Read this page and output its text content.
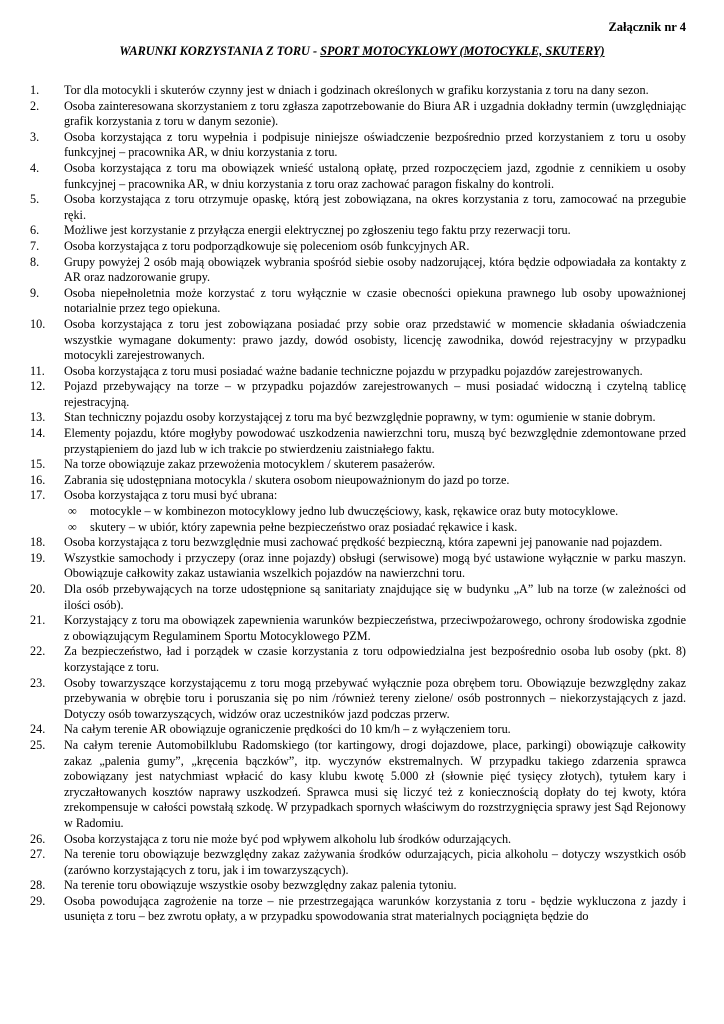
Załącznik nr 4
WARUNKI KORZYSTANIA Z TORU - SPORT MOTOCYKLOWY (MOTOCYKLE, SKUTERY)
1. Tor dla motocykli i skuterów czynny jest w dniach i godzinach określonych w grafiku korzystania z toru na dany sezon.
2. Osoba zainteresowana skorzystaniem z toru zgłasza zapotrzebowanie do Biura AR i uzgadnia dokładny termin (uwzględniając grafik korzystania z toru w danym sezonie).
3. Osoba korzystająca z toru wypełnia i podpisuje niniejsze oświadczenie bezpośrednio przed korzystaniem z toru u osoby funkcyjnej – pracownika AR, w dniu korzystania z toru.
4. Osoba korzystająca z toru ma obowiązek wnieść ustaloną opłatę, przed rozpoczęciem jazd, zgodnie z cennikiem u osoby funkcyjnej – pracownika AR, w dniu korzystania z toru oraz zachować paragon fiskalny do kontroli.
5. Osoba korzystająca z toru otrzymuje opaskę, którą jest zobowiązana, na okres korzystania z toru, zamocować na przegubie ręki.
6. Możliwe jest korzystanie z przyłącza energii elektrycznej po zgłoszeniu tego faktu przy rezerwacji toru.
7. Osoba korzystająca z toru podporządkowuje się poleceniom osób funkcyjnych AR.
8. Grupy powyżej 2 osób mają obowiązek wybrania spośród siebie osoby nadzorującej, która będzie odpowiadała za kontakty z AR oraz nadzorowanie grupy.
9. Osoba niepełnoletnia może korzystać z toru wyłącznie w czasie obecności opiekuna prawnego lub osoby upoważnionej notarialnie przez tego opiekuna.
10. Osoba korzystająca z toru jest zobowiązana posiadać przy sobie oraz przedstawić w momencie składania oświadczenia wszystkie wymagane dokumenty: prawo jazdy, dowód osobisty, licencję zawodnika, dowód rejestracyjny w przypadku motocykli zarejestrowanych.
11. Osoba korzystająca z toru musi posiadać ważne badanie techniczne pojazdu w przypadku pojazdów zarejestrowanych.
12. Pojazd przebywający na torze – w przypadku pojazdów zarejestrowanych – musi posiadać widoczną i czytelną tablicę rejestracyjną.
13. Stan techniczny pojazdu osoby korzystającej z toru ma być bezwzględnie poprawny, w tym: ogumienie w stanie dobrym.
14. Elementy pojazdu, które mogłyby powodować uszkodzenia nawierzchni toru, muszą być bezwzględnie zdemontowane przed przystąpieniem do jazd lub w ich trakcie po stwierdzeniu zaistniałego faktu.
15. Na torze obowiązuje zakaz przewożenia motocyklem / skuterem pasażerów.
16. Zabrania się udostępniana motocykla / skutera osobom nieupoważnionym do jazd po torze.
17. Osoba korzystająca z toru musi być ubrana:
∞ motocykle – w kombinezon motocyklowy jedno lub dwuczęściowy, kask, rękawice oraz buty motocyklowe.
∞ skutery – w ubiór, który zapewnia pełne bezpieczeństwo oraz posiadać rękawice i kask.
18. Osoba korzystająca z toru bezwzględnie musi zachować prędkość bezpieczną, która zapewni jej panowanie nad pojazdem.
19. Wszystkie samochody i przyczepy (oraz inne pojazdy) obsługi (serwisowe) mogą być ustawione wyłącznie w parku maszyn. Obowiązuje całkowity zakaz ustawiania wszelkich pojazdów na nawierzchni toru.
20. Dla osób przebywających na torze udostępnione są sanitariaty znajdujące się w budynku „A” lub na torze (w zależności od ilości osób).
21. Korzystający z toru ma obowiązek zapewnienia warunków bezpieczeństwa, przeciwpożarowego, ochrony środowiska zgodnie z obowiązującym Regulaminem Sportu Motocyklowego PZM.
22. Za bezpieczeństwo, ład i porządek w czasie korzystania z toru odpowiedzialna jest bezpośrednio osoba lub osoby (pkt. 8) korzystające z toru.
23. Osoby towarzyszące korzystającemu z toru mogą przebywać wyłącznie poza obrębem toru. Obowiązuje bezwzględny zakaz przebywania w obrębie toru i poruszania się po nim /również tereny zielone/ osób postronnych – niekorzystających z jazd. Dotyczy osób towarzyszących, widzów oraz uczestników jazd podczas przerw.
24. Na całym terenie AR obowiązuje ograniczenie prędkości do 10 km/h – z wyłączeniem toru.
25. Na całym terenie Automobilklubu Radomskiego (tor kartingowy, drogi dojazdowe, place, parkingi) obowiązuje całkowity zakaz „palenia gumy”, „kręcenia bączków”, itp. wyczynów ekstremalnych. W przypadku takiego zdarzenia sprawca zobowiązany jest natychmiast wpłacić do kasy klubu kwotę 5.000 zł (słownie pięć tysięcy złotych), tytułem kary i zryczałtowanych kosztów naprawy uszkodzeń. Sprawca musi się liczyć też z koniecznością dopłaty do tej kwoty, która zrekompensuje w całości powstałą szkodę. W przypadkach spornych właściwym do rozstrzygnięcia sprawy jest Sąd Rejonowy w Radomiu.
26. Osoba korzystająca z toru nie może być pod wpływem alkoholu lub środków odurzających.
27. Na terenie toru obowiązuje bezwzględny zakaz zażywania środków odurzających, picia alkoholu – dotyczy wszystkich osób (zarówno korzystających z toru, jak i im towarzyszących).
28. Na terenie toru obowiązuje wszystkie osoby bezwzględny zakaz palenia tytoniu.
29. Osoba powodująca zagrożenie na torze – nie przestrzegająca warunków korzystania z toru - będzie wykluczona z jazdy i usunięta z toru – bez zwrotu opłaty, a w przypadku spowodowania strat materialnych pociągnięta będzie do
